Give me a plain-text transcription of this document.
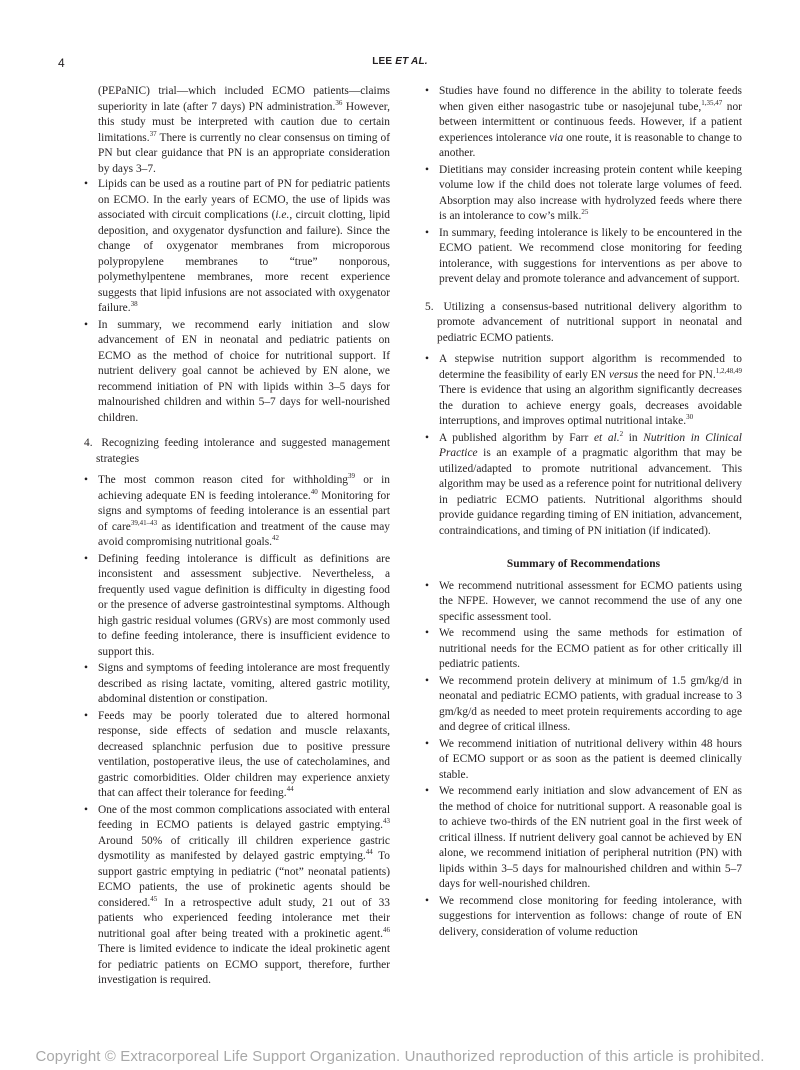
4	LEE ET AL.

(PEPaNIC) trial—which included ECMO patients—claims superiority in late (after 7 days) PN administration.$^{36}$ However, this study must be interpreted with caution due to certain limitations.$^{37}$ There is currently no clear consensus on timing of PN but clear guidance that PN is an appropriate consideration by days 3–7.

• Lipids can be used as a routine part of PN for pediatric patients on ECMO. In the early years of ECMO, the use of lipids was associated with circuit complications (i.e., circuit clotting, lipid deposition, and oxygenator dysfunction and failure). Since the change of oxygenator membranes from microporous polypropylene membranes to “true” nonporous, polymethylpentene membranes, more recent experience suggests that lipid infusions are not associated with oxygenator failure.$^{38}$
• In summary, we recommend early initiation and slow advancement of EN in neonatal and pediatric patients on ECMO as the method of choice for nutritional support. If nutrient delivery goal cannot be achieved by EN alone, we recommend initiation of PN with lipids within 3–5 days for malnourished children and within 5–7 days for well-nourished children.

4. Recognizing feeding intolerance and suggested management strategies

• The most common reason cited for withholding$^{39}$ or in achieving adequate EN is feeding intolerance.$^{40}$ Monitoring for signs and symptoms of feeding intolerance is an essential part of care$^{39,41-43}$ as identification and treatment of the cause may avoid compromising nutritional goals.$^{42}$
• Defining feeding intolerance is difficult as definitions are inconsistent and assessment subjective. Nevertheless, a frequently used vague definition is difficulty in digesting food or the presence of adverse gastrointestinal symptoms. Although high gastric residual volumes (GRVs) are most commonly used to define feeding intolerance, there is insufficient evidence to support this.
• Signs and symptoms of feeding intolerance are most frequently described as rising lactate, vomiting, altered gastric motility, abdominal distention or constipation.
• Feeds may be poorly tolerated due to altered hormonal response, side effects of sedation and muscle relaxants, decreased splanchnic perfusion due to positive pressure ventilation, postoperative ileus, the use of catecholamines, and gastric comorbidities. Older children may experience anxiety that can affect their tolerance for feeding.$^{44}$
• One of the most common complications associated with enteral feeding in ECMO patients is delayed gastric emptying.$^{43}$ Around 50% of critically ill children experience gastric dysmotility as manifested by delayed gastric emptying.$^{44}$ To support gastric emptying in pediatric (“not” neonatal patients) ECMO patients, the use of prokinetic agents should be considered.$^{45}$ In a retrospective adult study, 21 out of 33 patients who experienced feeding intolerance met their nutritional goal after being treated with a prokinetic agent.$^{46}$ There is limited evidence to indicate the ideal prokinetic agent for pediatric patients on ECMO support, therefore, further investigation is required.
• Studies have found no difference in the ability to tolerate feeds when given either nasogastric tube or nasojejunal tube,$^{1,35,47}$ nor between intermittent or continuous feeds. However, if a patient experiences intolerance via one route, it is reasonable to change to another.
• Dietitians may consider increasing protein content while keeping volume low if the child does not tolerate large volumes of feed. Absorption may also increase with hydrolyzed feeds where there is an intolerance to cow’s milk.$^{25}$
• In summary, feeding intolerance is likely to be encountered in the ECMO patient. We recommend close monitoring for feeding intolerance, with suggestions for interventions as per above to prevent delay and promote tolerance and advancement of support.

5. Utilizing a consensus-based nutritional delivery algorithm to promote advancement of nutritional support in neonatal and pediatric ECMO patients.

• A stepwise nutrition support algorithm is recommended to determine the feasibility of early EN versus the need for PN.$^{1,2,48,49}$ There is evidence that using an algorithm significantly decreases the duration to achieve energy goals, decreases avoidable interruptions, and improves optimal nutritional intake.$^{30}$
• A published algorithm by Farr et al.$^2$ in Nutrition in Clinical Practice is an example of a pragmatic algorithm that may be utilized/adapted to promote nutritional advancement. This algorithm may be used as a reference point for nutritional delivery in pediatric ECMO patients. Nutritional algorithms should provide guidance regarding timing of EN initiation, advancement, contraindications, and timing of PN initiation (if indicated).
Summary of Recommendations
• We recommend nutritional assessment for ECMO patients using the NFPE. However, we cannot recommend the use of any one specific assessment tool.
• We recommend using the same methods for estimation of nutritional needs for the ECMO patient as for other critically ill pediatric patients.
• We recommend protein delivery at minimum of 1.5 gm/kg/d in neonatal and pediatric ECMO patients, with gradual increase to 3 gm/kg/d as needed to meet protein requirements according to age and degree of critical illness.
• We recommend initiation of nutritional delivery within 48 hours of ECMO support or as soon as the patient is deemed clinically stable.
• We recommend early initiation and slow advancement of EN as the method of choice for nutritional support. A reasonable goal is to achieve two-thirds of the EN nutrient goal in the first week of critical illness. If nutrient delivery goal cannot be achieved by EN alone, we recommend initiation of peripheral nutrition (PN) with lipids within 3–5 days for malnourished children and within 5–7 days for well-nourished children.
• We recommend close monitoring for feeding intolerance, with suggestions for intervention as follows: change of route of EN delivery, consideration of volume reduction
Copyright © Extracorporeal Life Support Organization. Unauthorized reproduction of this article is prohibited.
